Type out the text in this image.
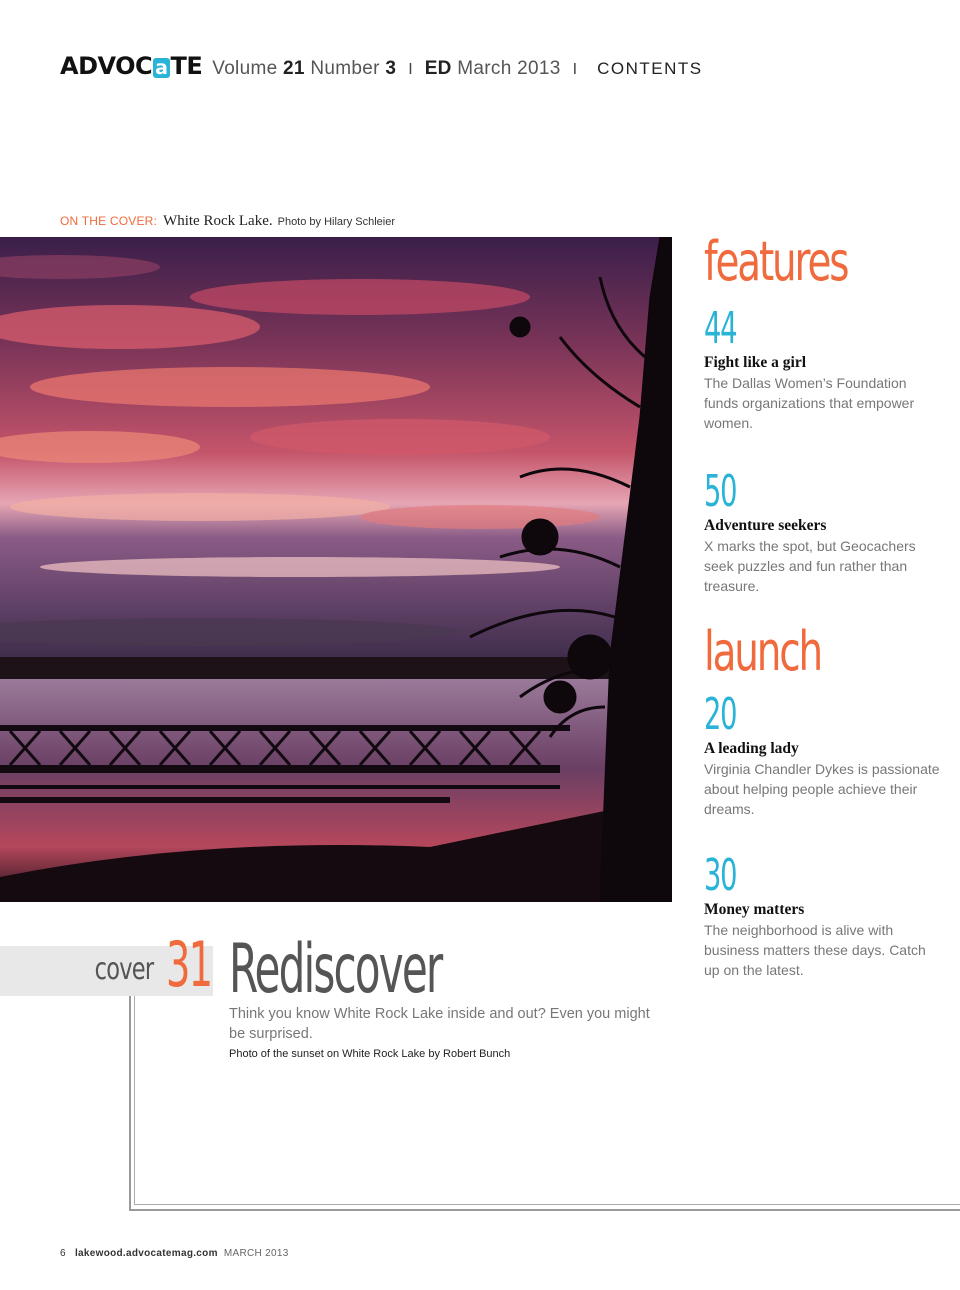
ADVOC a TE Volume 21 Number 3 I ED March 2013 I CONTENTS
ON THE COVER: White Rock Lake. Photo by Hilary Schleier
features
44
Fight like a girl
The Dallas Women’s Foundation funds organizations that empower women.
50
Adventure seekers
X marks the spot, but Geocachers seek puzzles and fun rather than treasure.
launch
20
A leading lady
Virginia Chandler Dykes is passionate about helping people achieve their dreams.
30
Money matters
The neighborhood is alive with business matters these days. Catch up on the latest.
cover 31 Rediscover
Think you know White Rock Lake inside and out? Even you might be surprised.
Photo of the sunset on White Rock Lake by Robert Bunch
6 lakewood.advocatemag.com MARCH 2013
